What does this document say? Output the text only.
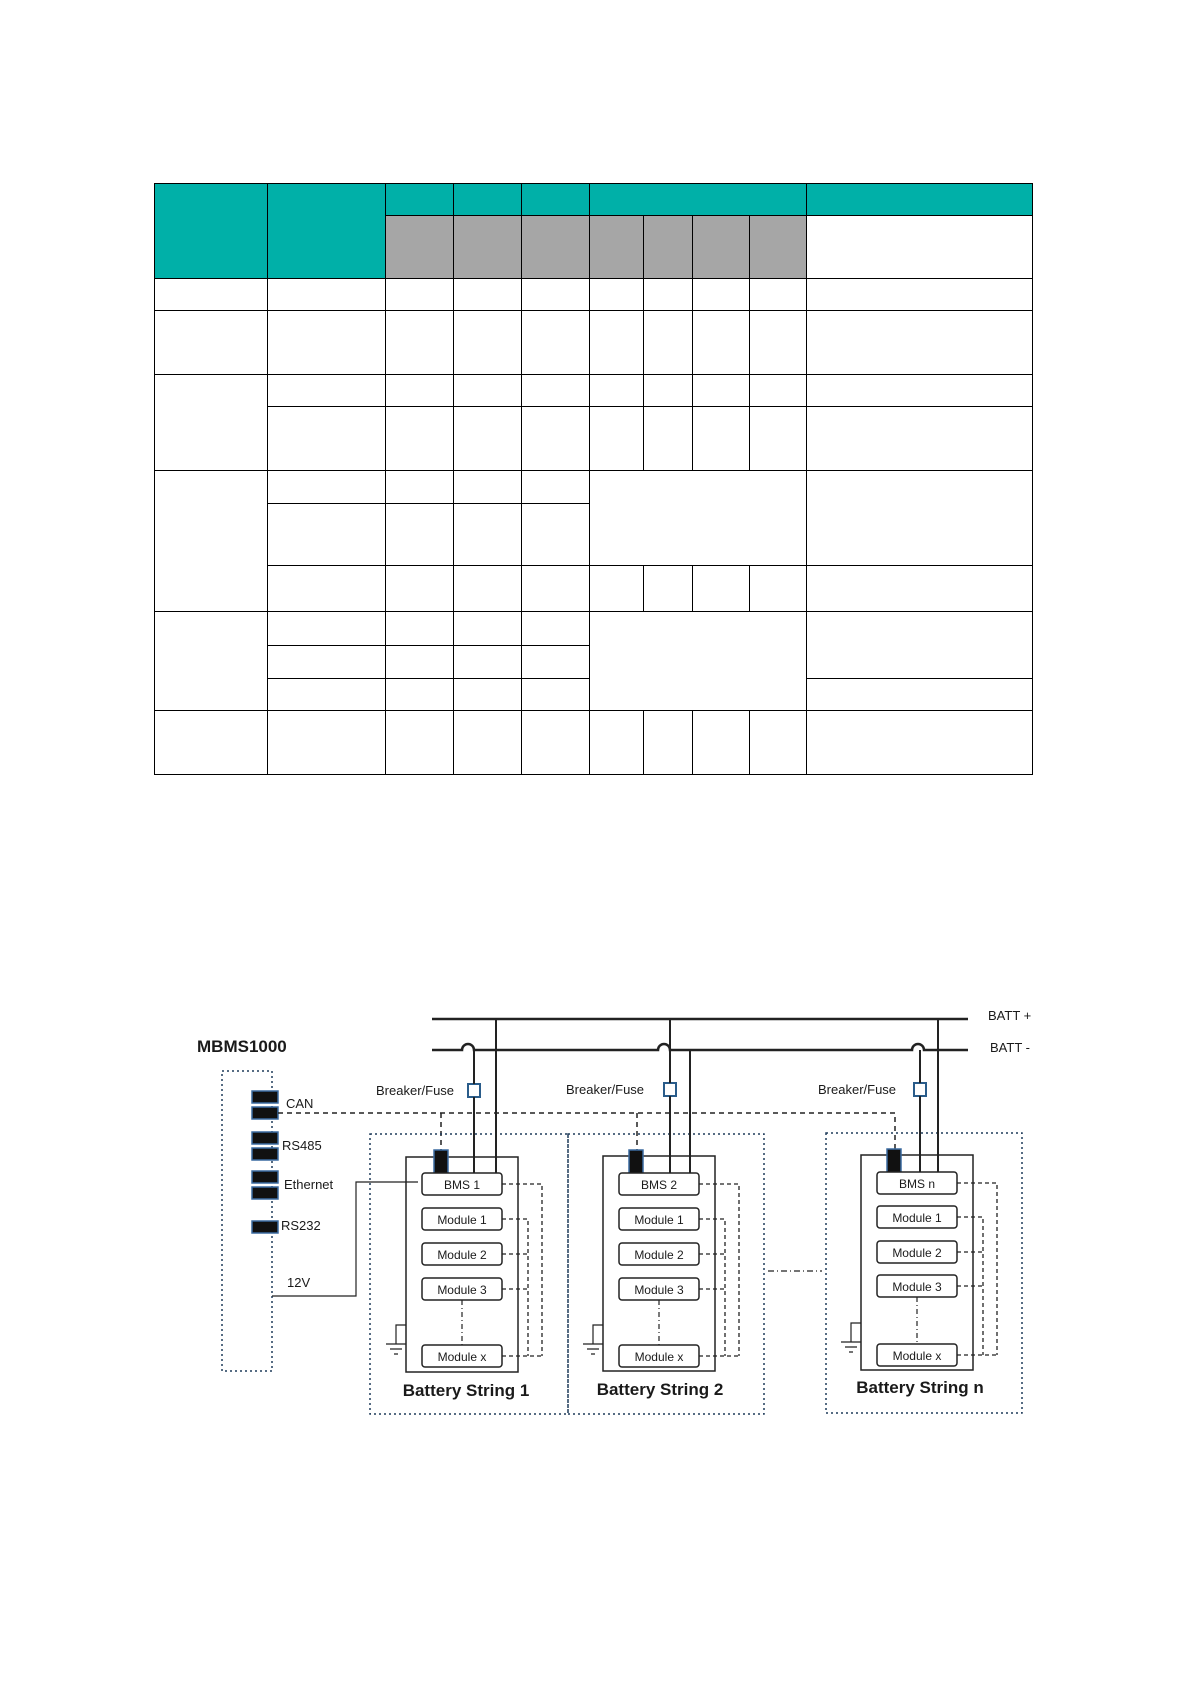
BATT +
BATT -
MBMS1000
CAN
RS485
Ethernet
RS232
12V
Breaker/Fuse
BMS 1
Module 1
Module 2
Module 3
Module x
Battery String 1
Breaker/Fuse
BMS 2
Module 1
Module 2
Module 3
Module x
Battery String 2
Breaker/Fuse
BMS n
Module 1
Module 2
Module 3
Module x
Battery String n
